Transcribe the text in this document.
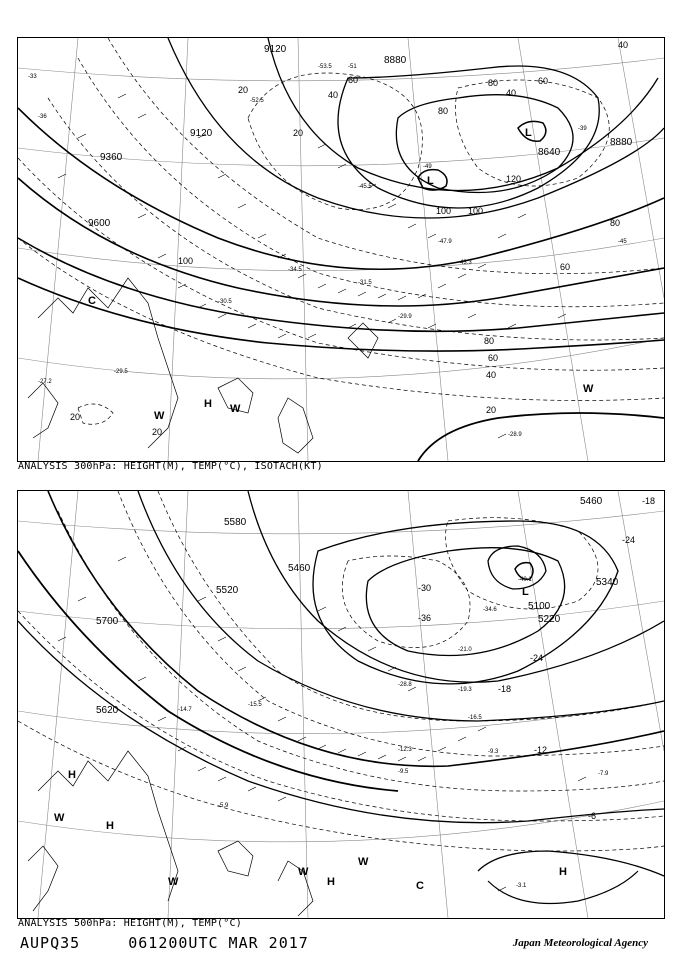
9120
9360
9600
8880
8640
8880
9120
20	40
60	80
100
120
80
60
40
20
100
80
60
40
20
20
20
40
60
80
100
L
L
H W
W
C
W
-51
-52.5
-49
-45.5
-47.9
-43.3
-39
-34.5
-30.5
-29.9
-28.9
-31.5
-33
-36
-45
-53.5
-27.2
-29.5
ANALYSIS 300hPa: HEIGHT(M), TEMP(°C), ISOTACH(KT)
5580
5460
5520
5700
5620
5100
5220
5340
5460	-18
-24
-30
-36
-24
-18
-12
-6
-40.1
-34.6
-28.8
-21.0
-15.5
-9.5
-9.3
-7.9
-5.9
-3.1
-12.3
-19.3
-14.7
-16.5
L
H
H
H
H
W
W
W
C
W
ANALYSIS 500hPa: HEIGHT(M), TEMP(°C)
AUPQ35	061200UTC MAR 2017	Japan Meteorological Agency
